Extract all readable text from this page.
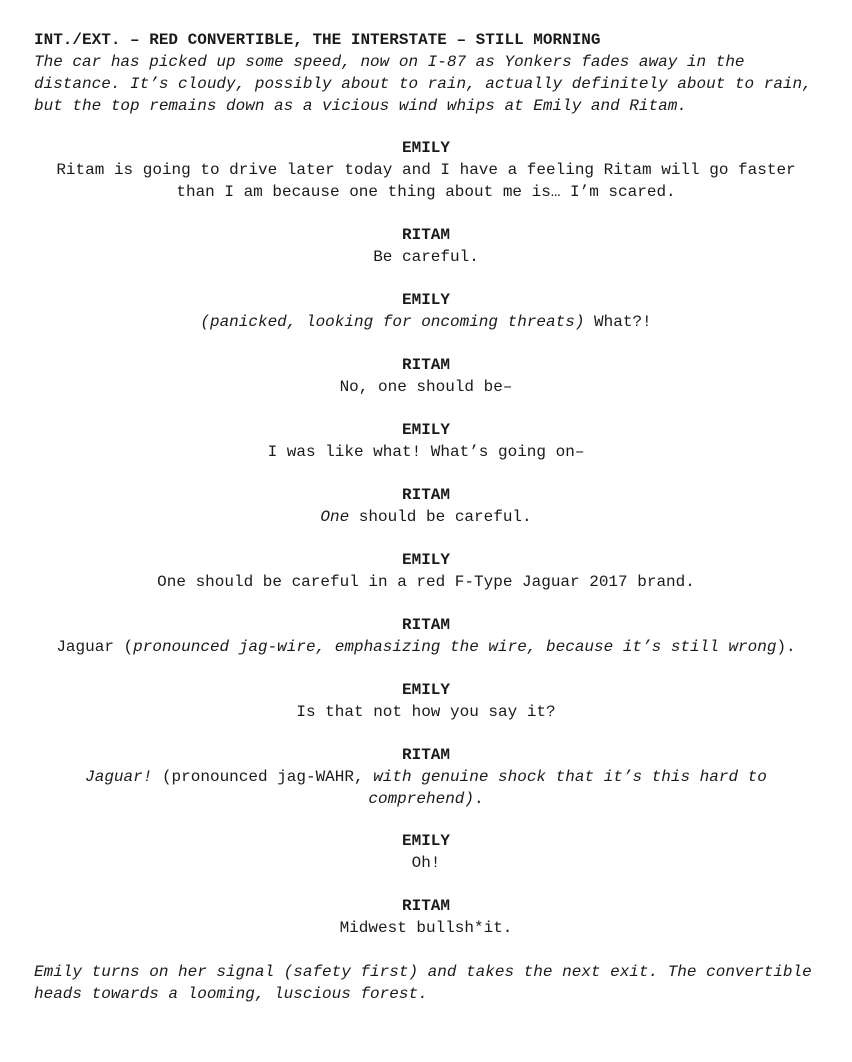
INT./EXT. – RED CONVERTIBLE, THE INTERSTATE – STILL MORNING
The car has picked up some speed, now on I-87 as Yonkers fades away in the distance. It’s cloudy, possibly about to rain, actually definitely about to rain, but the top remains down as a vicious wind whips at Emily and Ritam.
EMILY
Ritam is going to drive later today and I have a feeling Ritam will go faster than I am because one thing about me is… I’m scared.
RITAM
Be careful.
EMILY
(panicked, looking for oncoming threats) What?!
RITAM
No, one should be–
EMILY
I was like what! What’s going on–
RITAM
One should be careful.
EMILY
One should be careful in a red F-Type Jaguar 2017 brand.
RITAM
Jaguar (pronounced jag-wire, emphasizing the wire, because it’s still wrong).
EMILY
Is that not how you say it?
RITAM
Jaguar! (pronounced jag-WAHR, with genuine shock that it’s this hard to comprehend).
EMILY
Oh!
RITAM
Midwest bullsh*it.
Emily turns on her signal (safety first) and takes the next exit. The convertible heads towards a looming, luscious forest.
